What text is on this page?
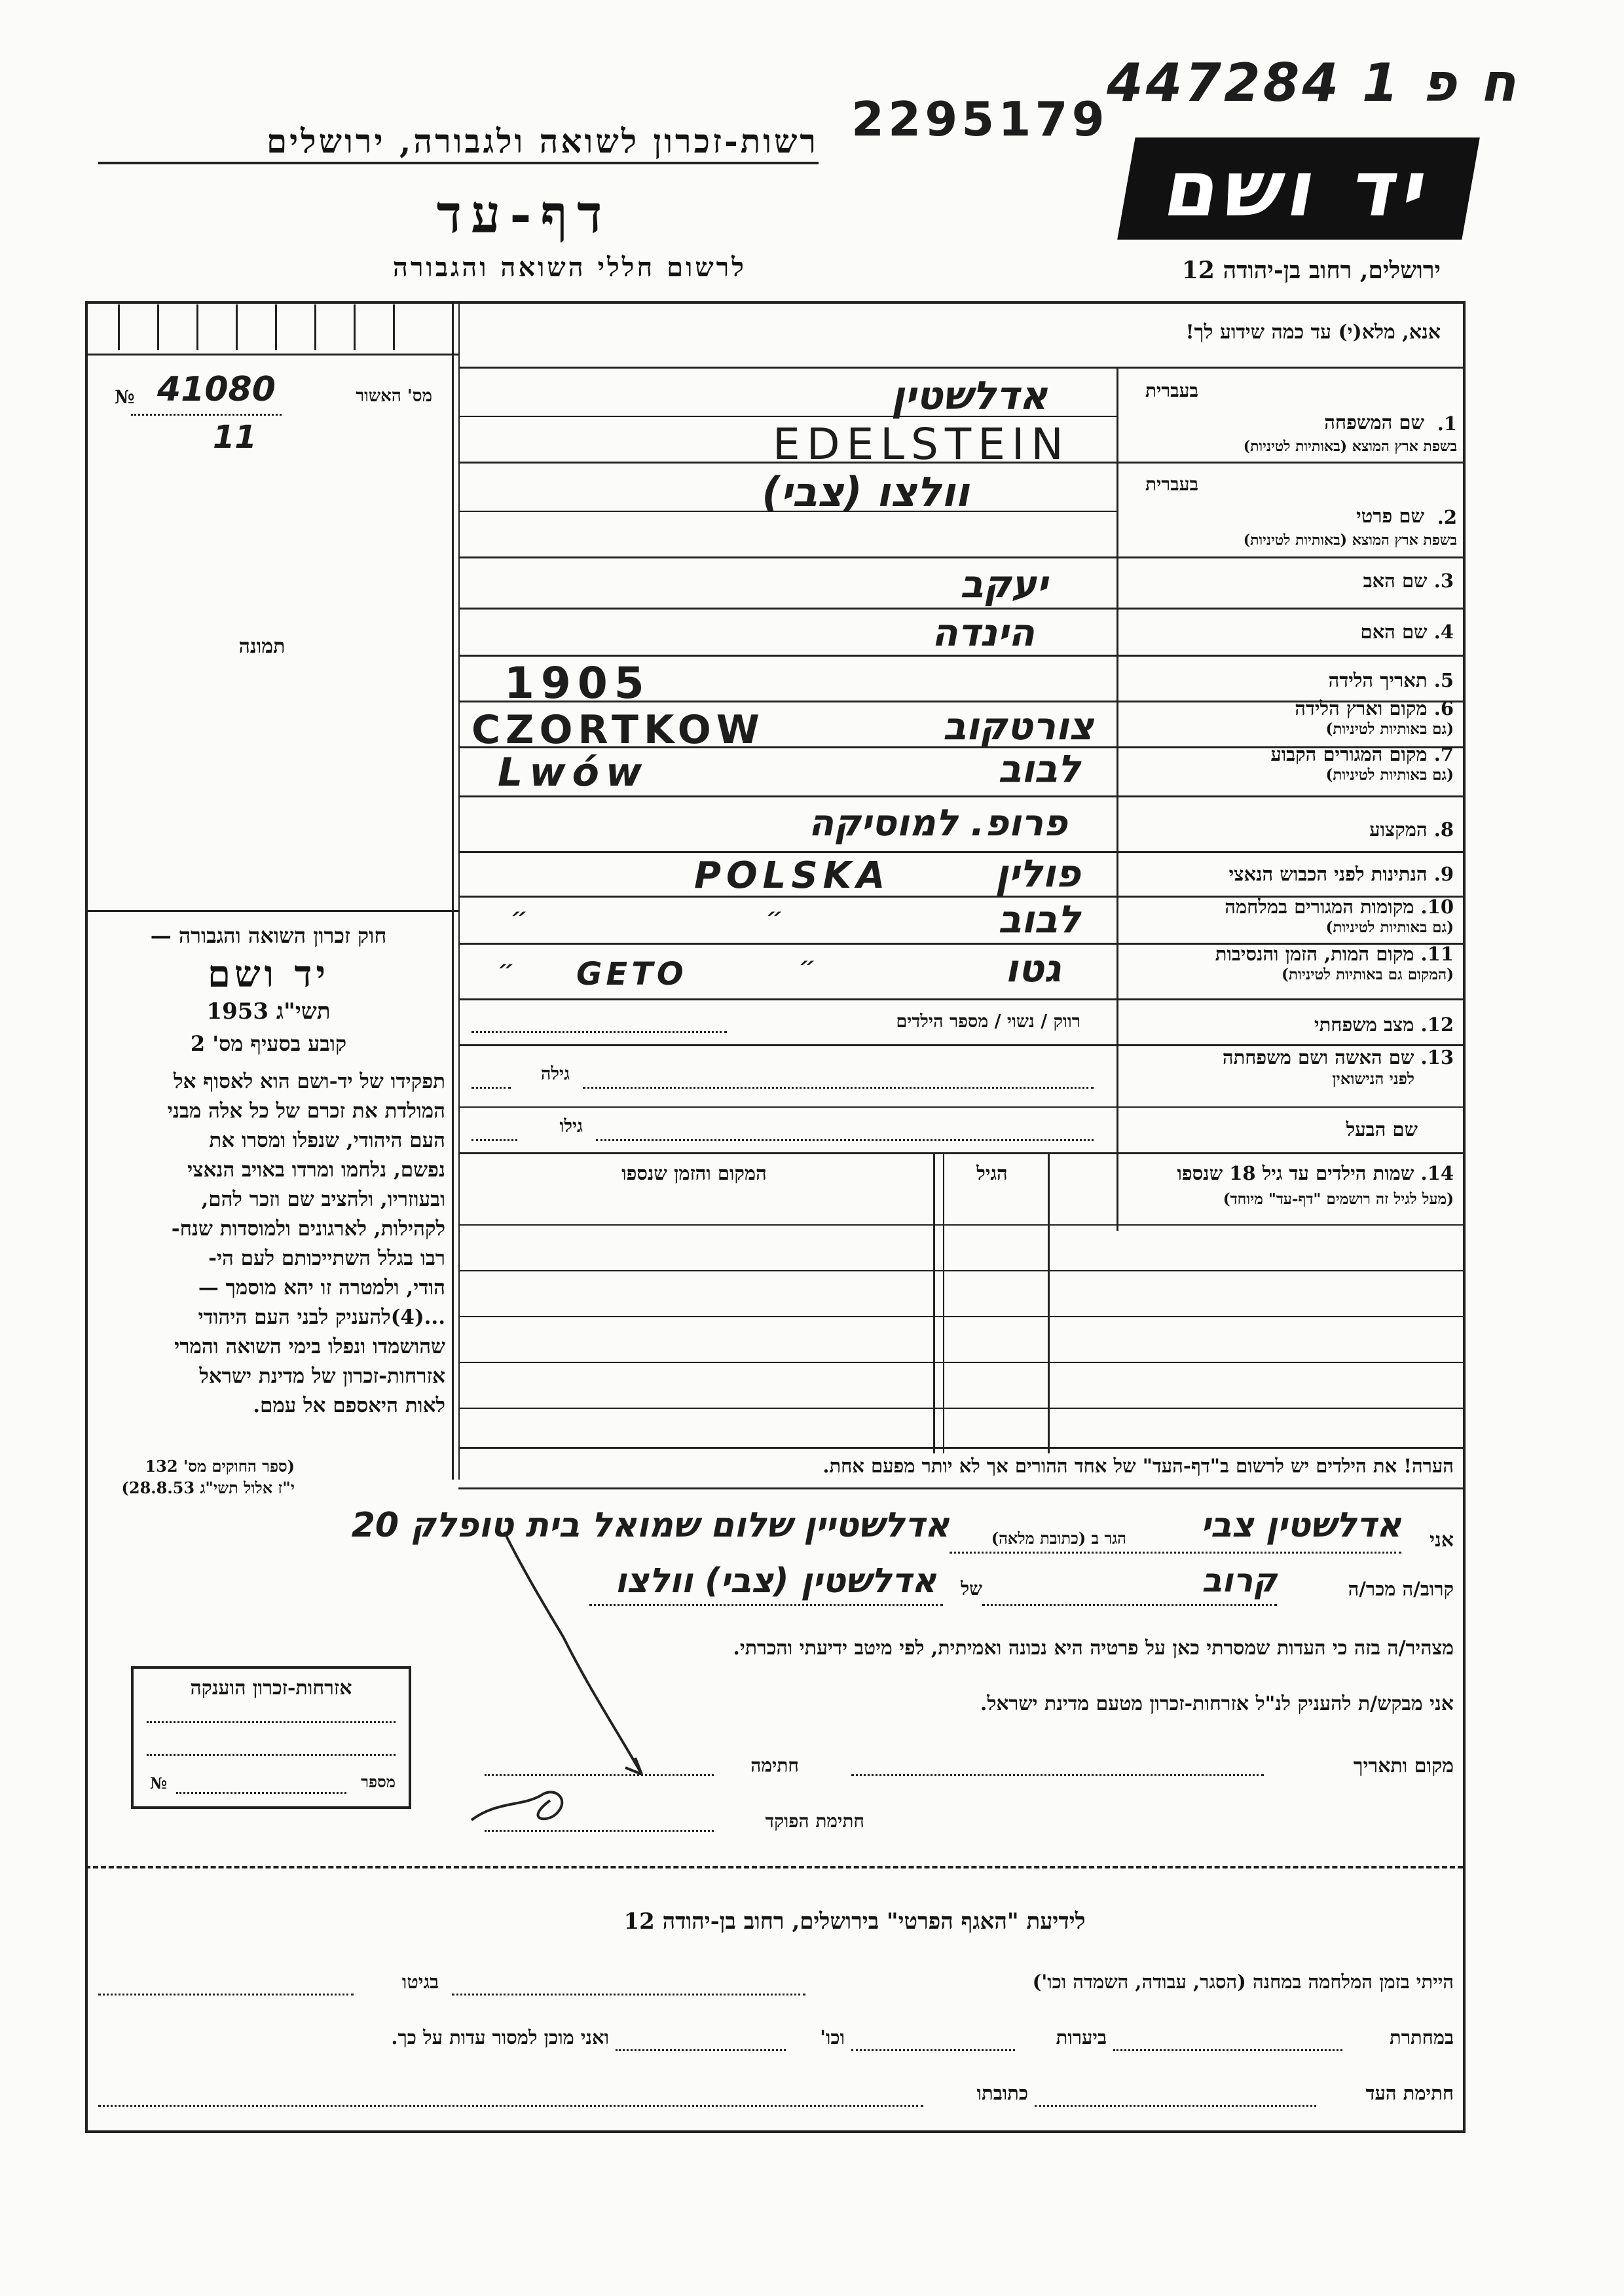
רשות-זכרון לשואה ולגבורה, ירושלים 2295179
447284 1 ח פ
יד ושם
דף-עד
לרשום חללי השואה והגבורה	ירושלים, רחוב בן-יהודה 12
מס' האשור
№ 41080
11
תמונה
חוק זכרון השואה והגבורה —
יד ושם
תשי"ג 1953
קובע בסעיף מס' 2
תפקידו של יד-ושם הוא לאסוף אל
המולדת את זכרם של כל אלה מבני
העם היהודי, שנפלו ומסרו את
נפשם, נלחמו ומרדו באויב הנאצי
ובעוזריו, ולהציב שם וזכר להם,
לקהילות, לארגונים ולמוסדות שנח-
רבו בגלל השתייכותם לעם הי-
הודי, ולמטרה זו יהא מוסמך —
...(4)להעניק לבני העם היהודי
שהושמדו ונפלו בימי השואה והמרי
אזרחות-זכרון של מדינת ישראל
לאות היאספם אל עמם.
(ספר החוקים מס' 132
י"ז אלול תשי"ג 28.8.53)
אנא, מלא(י) עד כמה שידוע לך!
בעברית
1.
שם המשפחה
בשפת ארץ המוצא (באותיות לטיניות)
אדלשטין
EDELSTEIN
בעברית
2.
שם פרטי
בשפת ארץ המוצא (באותיות לטיניות)
וולצו (צבי)
3. שם האב
יעקב
4. שם האם
הינדה
5. תאריך הלידה
1905	6. מקום וארץ הלידה
(גם באותיות לטיניות)
צורטקוב
CZORTKOW
7. מקום המגורים הקבוע
(גם באותיות לטיניות)
לבוב
Lwów
8. המקצוע
פרופ. למוסיקה
9. הנתינות לפני הכבוש הנאצי
פולין
POLSKA
10. מקומות המגורים במלחמה
(גם באותיות לטיניות)
לבוב
״
״
11. מקום המות, הזמן והנסיבות
(המקום גם באותיות לטיניות)
גטו
GETO	״
״
12. מצב משפחתי
רווק / נשוי / מספר הילדים
13. שם האשה ושם משפחתה
לפני הנישואין
גילה
שם הבעל
גילו
14. שמות הילדים עד גיל 18 שנספו
(מעל לגיל זה רושמים "דף-עד" מיוחד)
הגיל
המקום והזמן שנספו
הערה! את הילדים יש לרשום ב"דף-העד" של אחד ההורים אך לא יותר מפעם אחת.
אני
אדלשטין צבי
הגר ב (כתובת מלאה)
אדלשטיין שלום שמואל בית טופלק 20
קרוב/ה מכר/ה
קרוב
של
אדלשטין (צבי) וולצו
מצהיר/ה בזה כי העדות שמסרתי כאן על פרטיה היא נכונה ואמיתית, לפי מיטב ידיעתי והכרתי.
אני מבקש/ת להעניק לנ"ל אזרחות-זכרון מטעם מדינת ישראל.
מקום ותאריך
חתימה
חתימת הפוקד
אזרחות-זכרון הוענקה
№	מספר
לידיעת "האגף הפרטי" בירושלים, רחוב בן-יהודה 12
הייתי בזמן המלחמה במחנה (הסגר, עבודה, השמדה וכו')
בגיטו
במחתרת
ביערות
וכו'
ואני מוכן למסור עדות על כך.
חתימת העד
כתובתו
